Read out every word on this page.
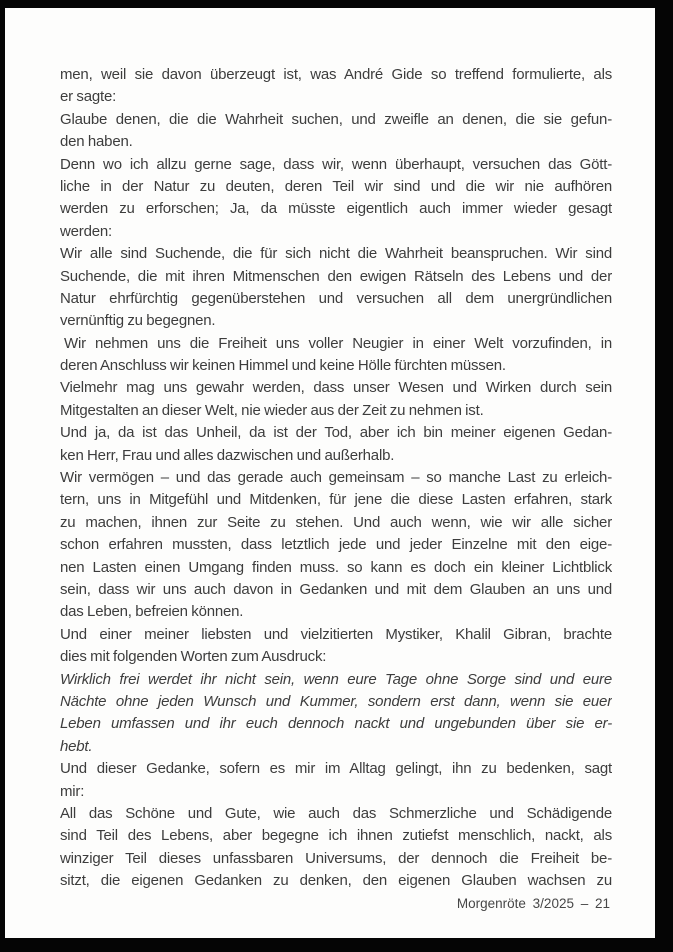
men, weil sie davon überzeugt ist, was André Gide so treffend formulierte, als
er sagte:
Glaube denen, die die Wahrheit suchen, und zweifle an denen, die sie gefun-
den haben.
Denn wo ich allzu gerne sage, dass wir, wenn überhaupt, versuchen das Gött-
liche in der Natur zu deuten, deren Teil wir sind und die wir nie aufhören
werden zu erforschen; Ja, da müsste eigentlich auch immer wieder gesagt
werden:
Wir alle sind Suchende, die für sich nicht die Wahrheit beanspruchen. Wir sind
Suchende, die mit ihren Mitmenschen den ewigen Rätseln des Lebens und der
Natur ehrfürchtig gegenüberstehen und versuchen all dem unergründlichen
vernünftig zu begegnen.
Wir nehmen uns die Freiheit uns voller Neugier in einer Welt vorzufinden, in
deren Anschluss wir keinen Himmel und keine Hölle fürchten müssen.
Vielmehr mag uns gewahr werden, dass unser Wesen und Wirken durch sein
Mitgestalten an dieser Welt, nie wieder aus der Zeit zu nehmen ist.
Und ja, da ist das Unheil, da ist der Tod, aber ich bin meiner eigenen Gedan-
ken Herr, Frau und alles dazwischen und außerhalb.
Wir vermögen – und das gerade auch gemeinsam – so manche Last zu erleich-
tern, uns in Mitgefühl und Mitdenken, für jene die diese Lasten erfahren, stark
zu machen, ihnen zur Seite zu stehen. Und auch wenn, wie wir alle sicher
schon erfahren mussten, dass letztlich jede und jeder Einzelne mit den eige-
nen Lasten einen Umgang finden muss. so kann es doch ein kleiner Lichtblick
sein, dass wir uns auch davon in Gedanken und mit dem Glauben an uns und
das Leben, befreien können.
Und einer meiner liebsten und vielzitierten Mystiker, Khalil Gibran, brachte
dies mit folgenden Worten zum Ausdruck:
Wirklich frei werdet ihr nicht sein, wenn eure Tage ohne Sorge sind und eure
Nächte ohne jeden Wunsch und Kummer, sondern erst dann, wenn sie euer
Leben umfassen und ihr euch dennoch nackt und ungebunden über sie er-
hebt.
Und dieser Gedanke, sofern es mir im Alltag gelingt, ihn zu bedenken, sagt
mir:
All das Schöne und Gute, wie auch das Schmerzliche und Schädigende
sind Teil des Lebens, aber begegne ich ihnen zutiefst menschlich, nackt, als
winziger Teil dieses unfassbaren Universums, der dennoch die Freiheit be-
sitzt, die eigenen Gedanken zu denken, den eigenen Glauben wachsen zu
Morgenröte 3/2025 – 21
